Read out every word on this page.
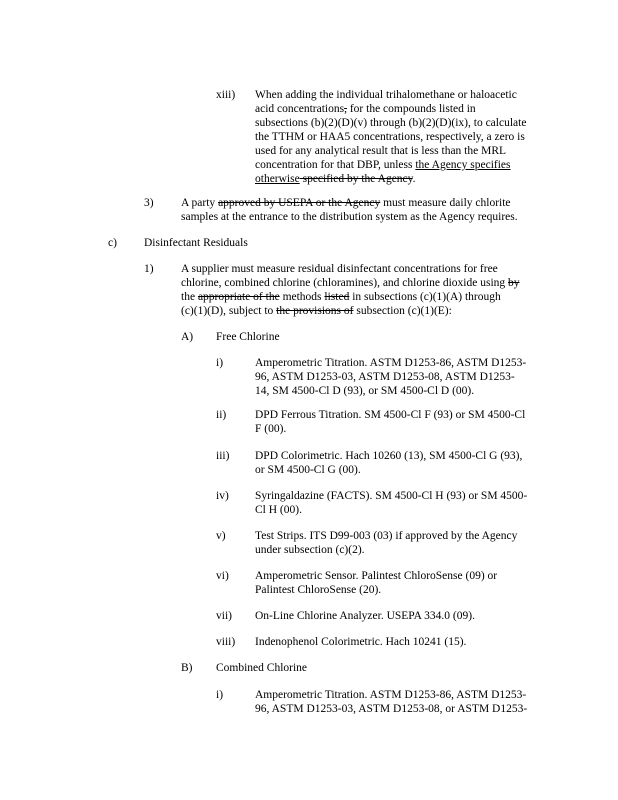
xiii) When adding the individual trihalomethane or haloacetic
acid concentrations, for the compounds listed in
subsections (b)(2)(D)(v) through (b)(2)(D)(ix), to calculate
the TTHM or HAA5 concentrations, respectively, a zero is
used for any analytical result that is less than the MRL
concentration for that DBP, unless the Agency specifies
otherwise specified by the Agency.
3) A party approved by USEPA or the Agency must measure daily chlorite
samples at the entrance to the distribution system as the Agency requires.
c) Disinfectant Residuals
1) A supplier must measure residual disinfectant concentrations for free
chlorine, combined chlorine (chloramines), and chlorine dioxide using by
the appropriate of the methods listed in subsections (c)(1)(A) through
(c)(1)(D), subject to the provisions of subsection (c)(1)(E):
A) Free Chlorine
i)	Amperometric Titration. ASTM D1253-86, ASTM D1253-
96, ASTM D1253-03, ASTM D1253-08, ASTM D1253-
14, SM 4500-Cl D (93), or SM 4500-Cl D (00).
ii)	DPD Ferrous Titration. SM 4500-Cl F (93) or SM 4500-Cl
F (00).
iii) DPD Colorimetric. Hach 10260 (13), SM 4500-Cl G (93),
or SM 4500-Cl G (00).
iv) Syringaldazine (FACTS). SM 4500-Cl H (93) or SM 4500-
Cl H (00).
v)	Test Strips. ITS D99-003 (03) if approved by the Agency
under subsection (c)(2).
vi) Amperometric Sensor. Palintest ChloroSense (09) or
Palintest ChloroSense (20).
vii) On-Line Chlorine Analyzer. USEPA 334.0 (09).
viii) Indenophenol Colorimetric. Hach 10241 (15).
B) Combined Chlorine
i)	Amperometric Titration. ASTM D1253-86, ASTM D1253-
96, ASTM D1253-03, ASTM D1253-08, or ASTM D1253-
